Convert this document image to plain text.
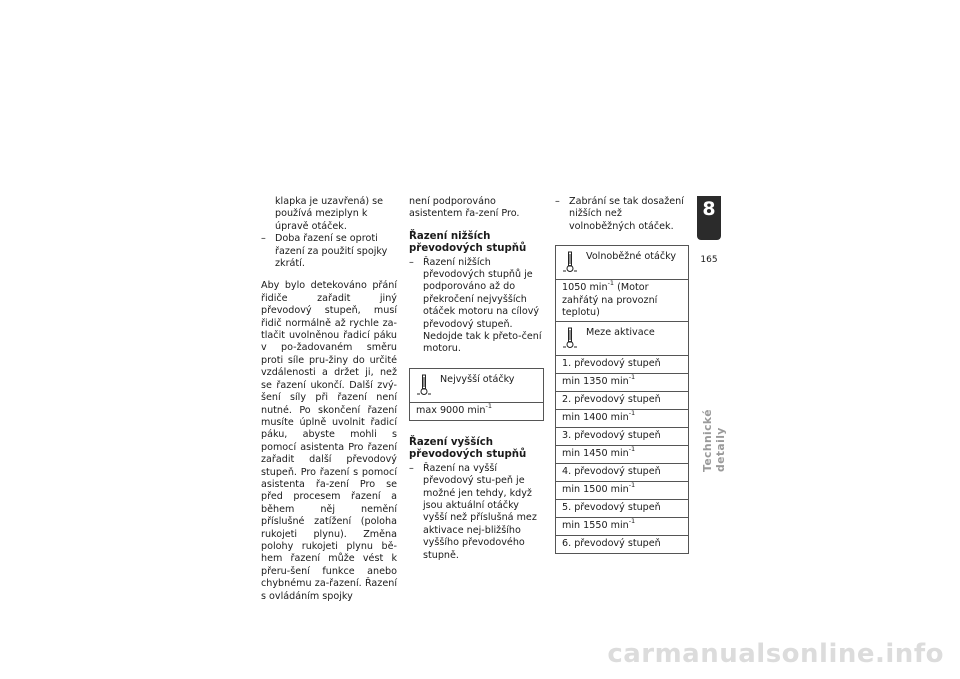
klapka je uzavřená) se používá meziplyn k úpravě otáček.

– Doba řazení se oproti řazení za použití spojky zkrátí.

Aby bylo detekováno přání řidiče zařadit jiný převodový stupeň, musí řidič normálně až rychle za-tlačit uvolněnou řadicí páku v po-žadovaném směru proti síle pru-žiny do určité vzdálenosti a držet ji, než se řazení ukončí. Další zvý-šení síly při řazení není nutné. Po skončení řazení musíte úplně uvolnit řadicí páku, abyste mohli s pomocí asistenta Pro řazení zařadit další převodový stupeň. Pro řazení s pomocí asistenta řa-zení Pro se před procesem řazení a během něj nemění příslušné zatížení (poloha rukojeti plynu). Změna polohy rukojeti plynu bě-hem řazení může vést k přeru-šení funkce anebo chybnému za-řazení. Řazení s ovládáním spojky

není podporováno asistentem řa-zení Pro.

Řazení nižších převodových stupňů

– Řazení nižších převodových stupňů je podporováno až do překročení nejvyšších otáček motoru na cílový převodový stupeň. Nedojde tak k přeto-čení motoru.

Nejvyšší otáčky
max 9000 $\min^{-1}$
Řazení vyšších převodových stupňů

– Řazení na vyšší převodový stu-peň je možné jen tehdy, když jsou aktuální otáčky vyšší než příslušná mez aktivace nej-bližšího vyššího převodového stupně.

– Zabrání se tak dosažení nižších než volnoběžných otáček.

Volnoběžné otáčky
1050 $\min^{-1}$ (Motor zahřátý na provozní teplotu)
Meze aktivace
1. převodový stupeň
min 1350 $\min^{-1}$
2. převodový stupeň
min 1400 $\min^{-1}$
3. převodový stupeň
min 1450 $\min^{-1}$
4. převodový stupeň
min 1500 $\min^{-1}$
5. převodový stupeň
min 1550 $\min^{-1}$
6. převodový stupeň
8
165
Technické detaily
carmanualsonline.info
